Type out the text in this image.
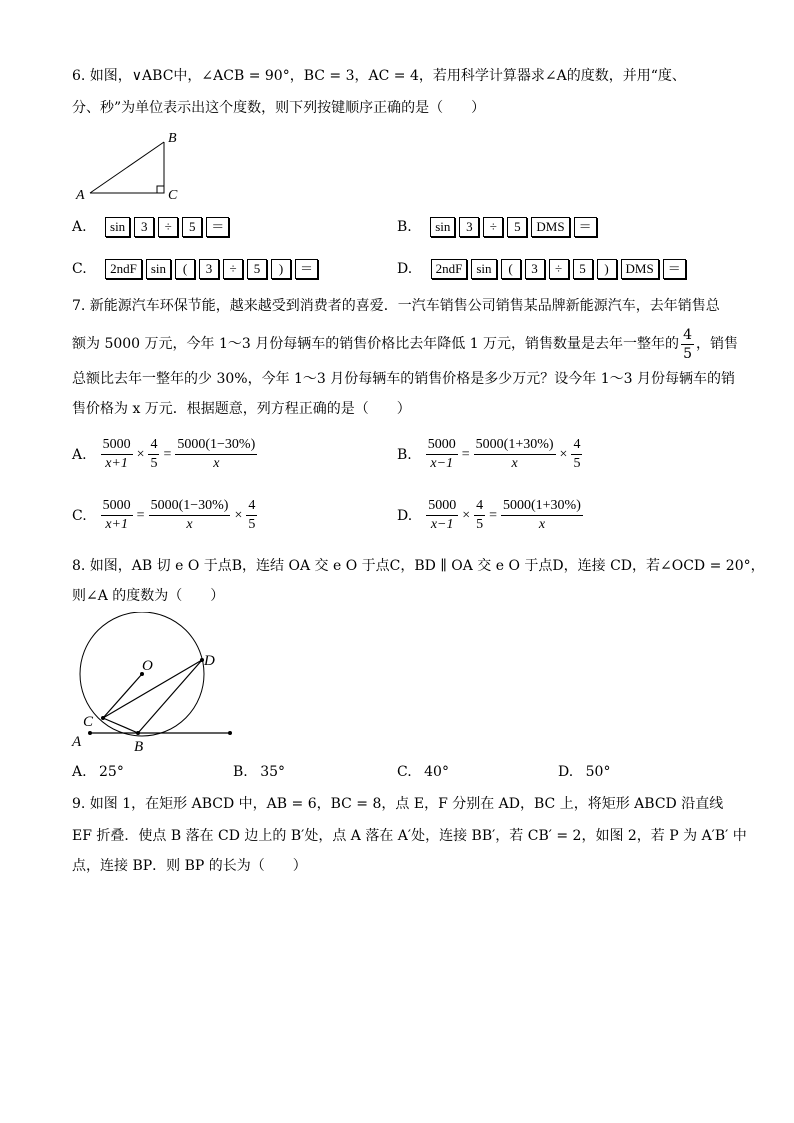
6. 如图，∨ABC中，∠ACB = 90°，BC = 3，AC = 4，若用科学计算器求∠A的度数，并用“度、
分、秒”为单位表示出这个度数，则下列按键顺序正确的是（　　）
B
A	C
A.	sin	3	÷	5	＝	B.	sin	3	÷	5	DMS	＝
C.	2ndF	sin	(	3	÷	5	)	＝	D.	2ndF	sin	(	3	÷	5	)	DMS	＝
7. 新能源汽车环保节能，越来越受到消费者的喜爱．一汽车销售公司销售某品牌新能源汽车，去年销售总
额为 5000 万元，今年 1～3 月份每辆车的销售价格比去年降低 1 万元，销售数量是去年一整年的 $\frac{4}{5}$ ，销售
总额比去年一整年的少 30%，今年 1～3 月份每辆车的销售价格是多少万元？设今年 1～3 月份每辆车的销
售价格为 x 万元．根据题意，列方程正确的是（　　）
A. $\frac{5000}{x+1} \times \frac{4}{5} = \frac{5000(1-30\%)}{x}$	B. $\frac{5000}{x-1} = \frac{5000(1+30\%)}{x} \times \frac{4}{5}$
C. $\frac{5000}{x+1} = \frac{5000(1-30\%)}{x} \times \frac{4}{5}$	D. $\frac{5000}{x-1} \times \frac{4}{5} = \frac{5000(1+30\%)}{x}$
8. 如图，AB 切 e O 于点B，连结 OA 交 e O 于点C，BD ∥ OA 交 e O 于点D，连接 CD，若∠OCD = 20°，
则∠A 的度数为（　　）
O	D
C
A	B
A. 25°	B. 35°	C. 40°	D. 50°
9. 如图 1，在矩形 ABCD 中，AB = 6，BC = 8，点 E，F 分别在 AD，BC 上，将矩形 ABCD 沿直线
EF 折叠．使点 B 落在 CD 边上的 B′处，点 A 落在 A′处，连接 BB′，若 CB′ = 2，如图 2，若 P 为 A′B′ 中
点，连接 BP．则 BP 的长为（　　）
